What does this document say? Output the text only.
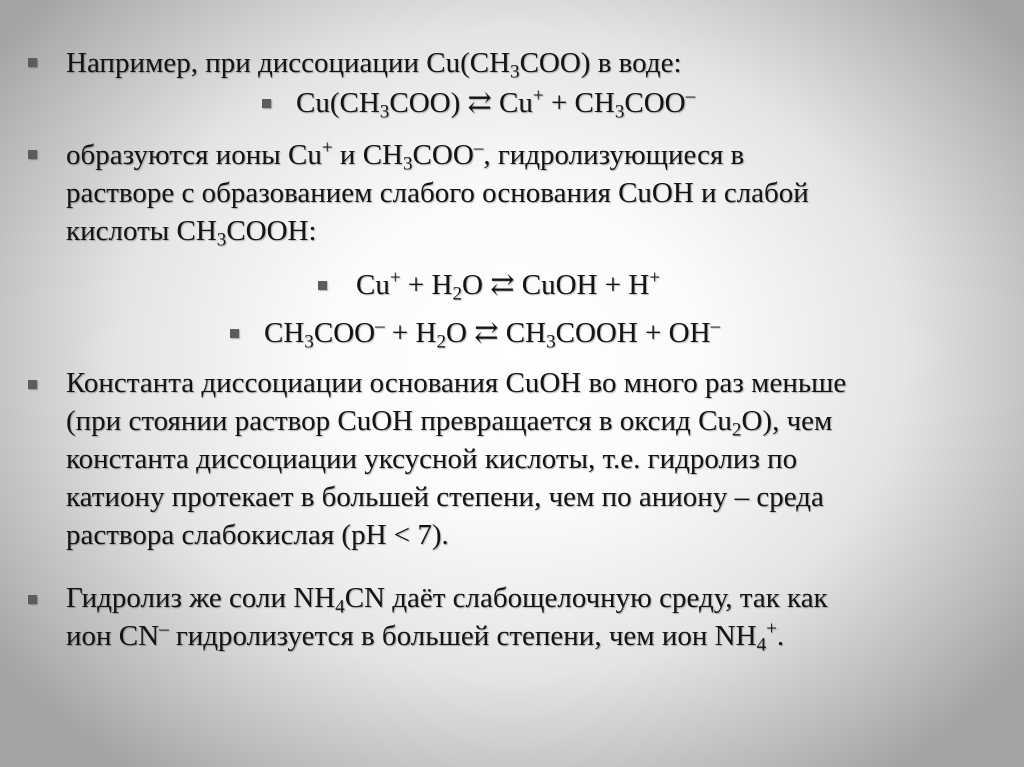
Например, при диссоциации $Cu(CH_3COO)$ в воде:

$Cu(CH_3COO)$ ⇄ $Cu^+ + CH_3COO^-$

образуются ионы Cu+ и $CH_3COO^-$, гидролизующиеся в
растворе с образованием слабого основания CuOH и слабой
кислоты $CH_3COOH$:

$Cu^+ + H_2O$ ⇄ CuOH + H+

$CH_3COO^- + H_2O$ ⇄ $CH_3COOH + OH^-$

Константа диссоциации основания CuOH во много раз меньше
(при стоянии раствор CuOH превращается в оксид $Cu_2O$), чем
константа диссоциации уксусной кислоты, т.е. гидролиз по
катиону протекает в большей степени, чем по аниону – среда
раствора слабокислая (pH < 7).

Гидролиз же соли $NH_4CN$ даёт слабощелочную среду, так как
ион CN– гидролизуется в большей степени, чем ион $NH_4^+$.
